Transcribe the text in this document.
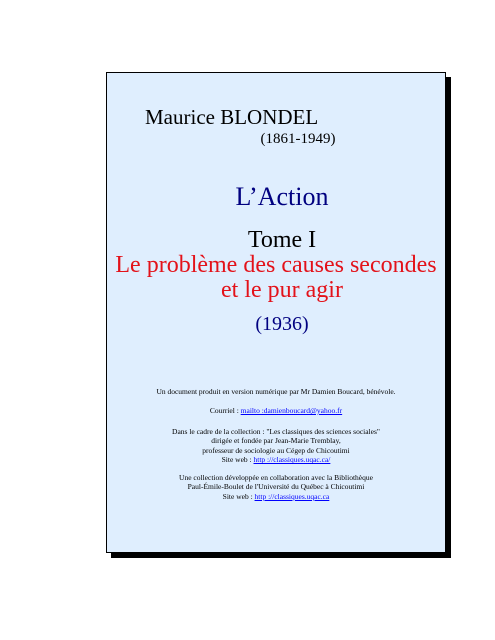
Maurice BLONDEL
(1861-1949)
L’Action
Tome I
Le problème des causes secondes
et le pur agir
(1936)
Un document produit en version numérique par Mr Damien Boucard, bénévole.
Courriel : mailto :damienboucard@yahoo.fr
Dans le cadre de la collection : "Les classiques des sciences sociales"
dirigée et fondée par Jean-Marie Tremblay,
professeur de sociologie au Cégep de Chicoutimi
Site web : http ://classiques.uqac.ca/
Une collection développée en collaboration avec la Bibliothèque
Paul-Émile-Boulet de l'Université du Québec à Chicoutimi
Site web : http ://classiques.uqac.ca
